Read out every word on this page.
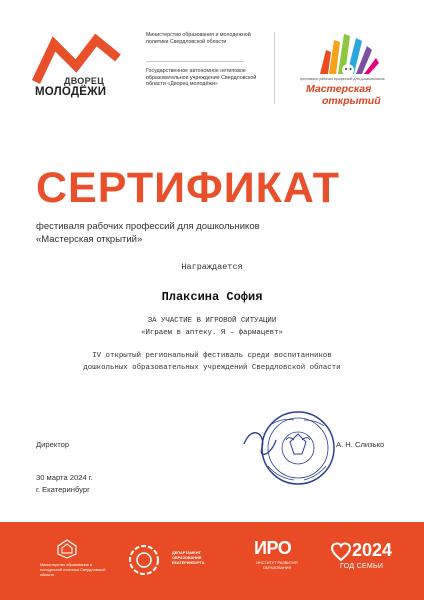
ДВОРЕЦ
МОЛОДЁЖИ
Министерство образования и молодежной политики Свердловской области
Государственное автономное нетиповое образовательное учреждение Свердловской области «Дворец молодёжи»
фестиваль рабочих профессий для дошкольников
Мастерская
открытий
СЕРТИФИКАТ
фестиваля рабочих профессий для дошкольников
«Мастерская открытий»
Награждается
Плаксина София
ЗА УЧАСТИЕ В ИГРОВОЙ СИТУАЦИИ
«Играем в аптеку. Я – фармацевт»
IV открытый региональный фестиваль среди воспитанников
дошкольных образовательных учреждений Свердловской области
Директор	А. Н. Слизько
30 марта 2024 г.
г. Екатеринбург
Министерство образования и молодежной политики Свердловской области
ДЕПАРТАМЕНТ ОБРАЗОВАНИЯ ЕКАТЕРИНБУРГА
ИРО
ИНСТИТУТ РАЗВИТИЯ ОБРАЗОВАНИЯ
2024
ГОД СЕМЬИ
